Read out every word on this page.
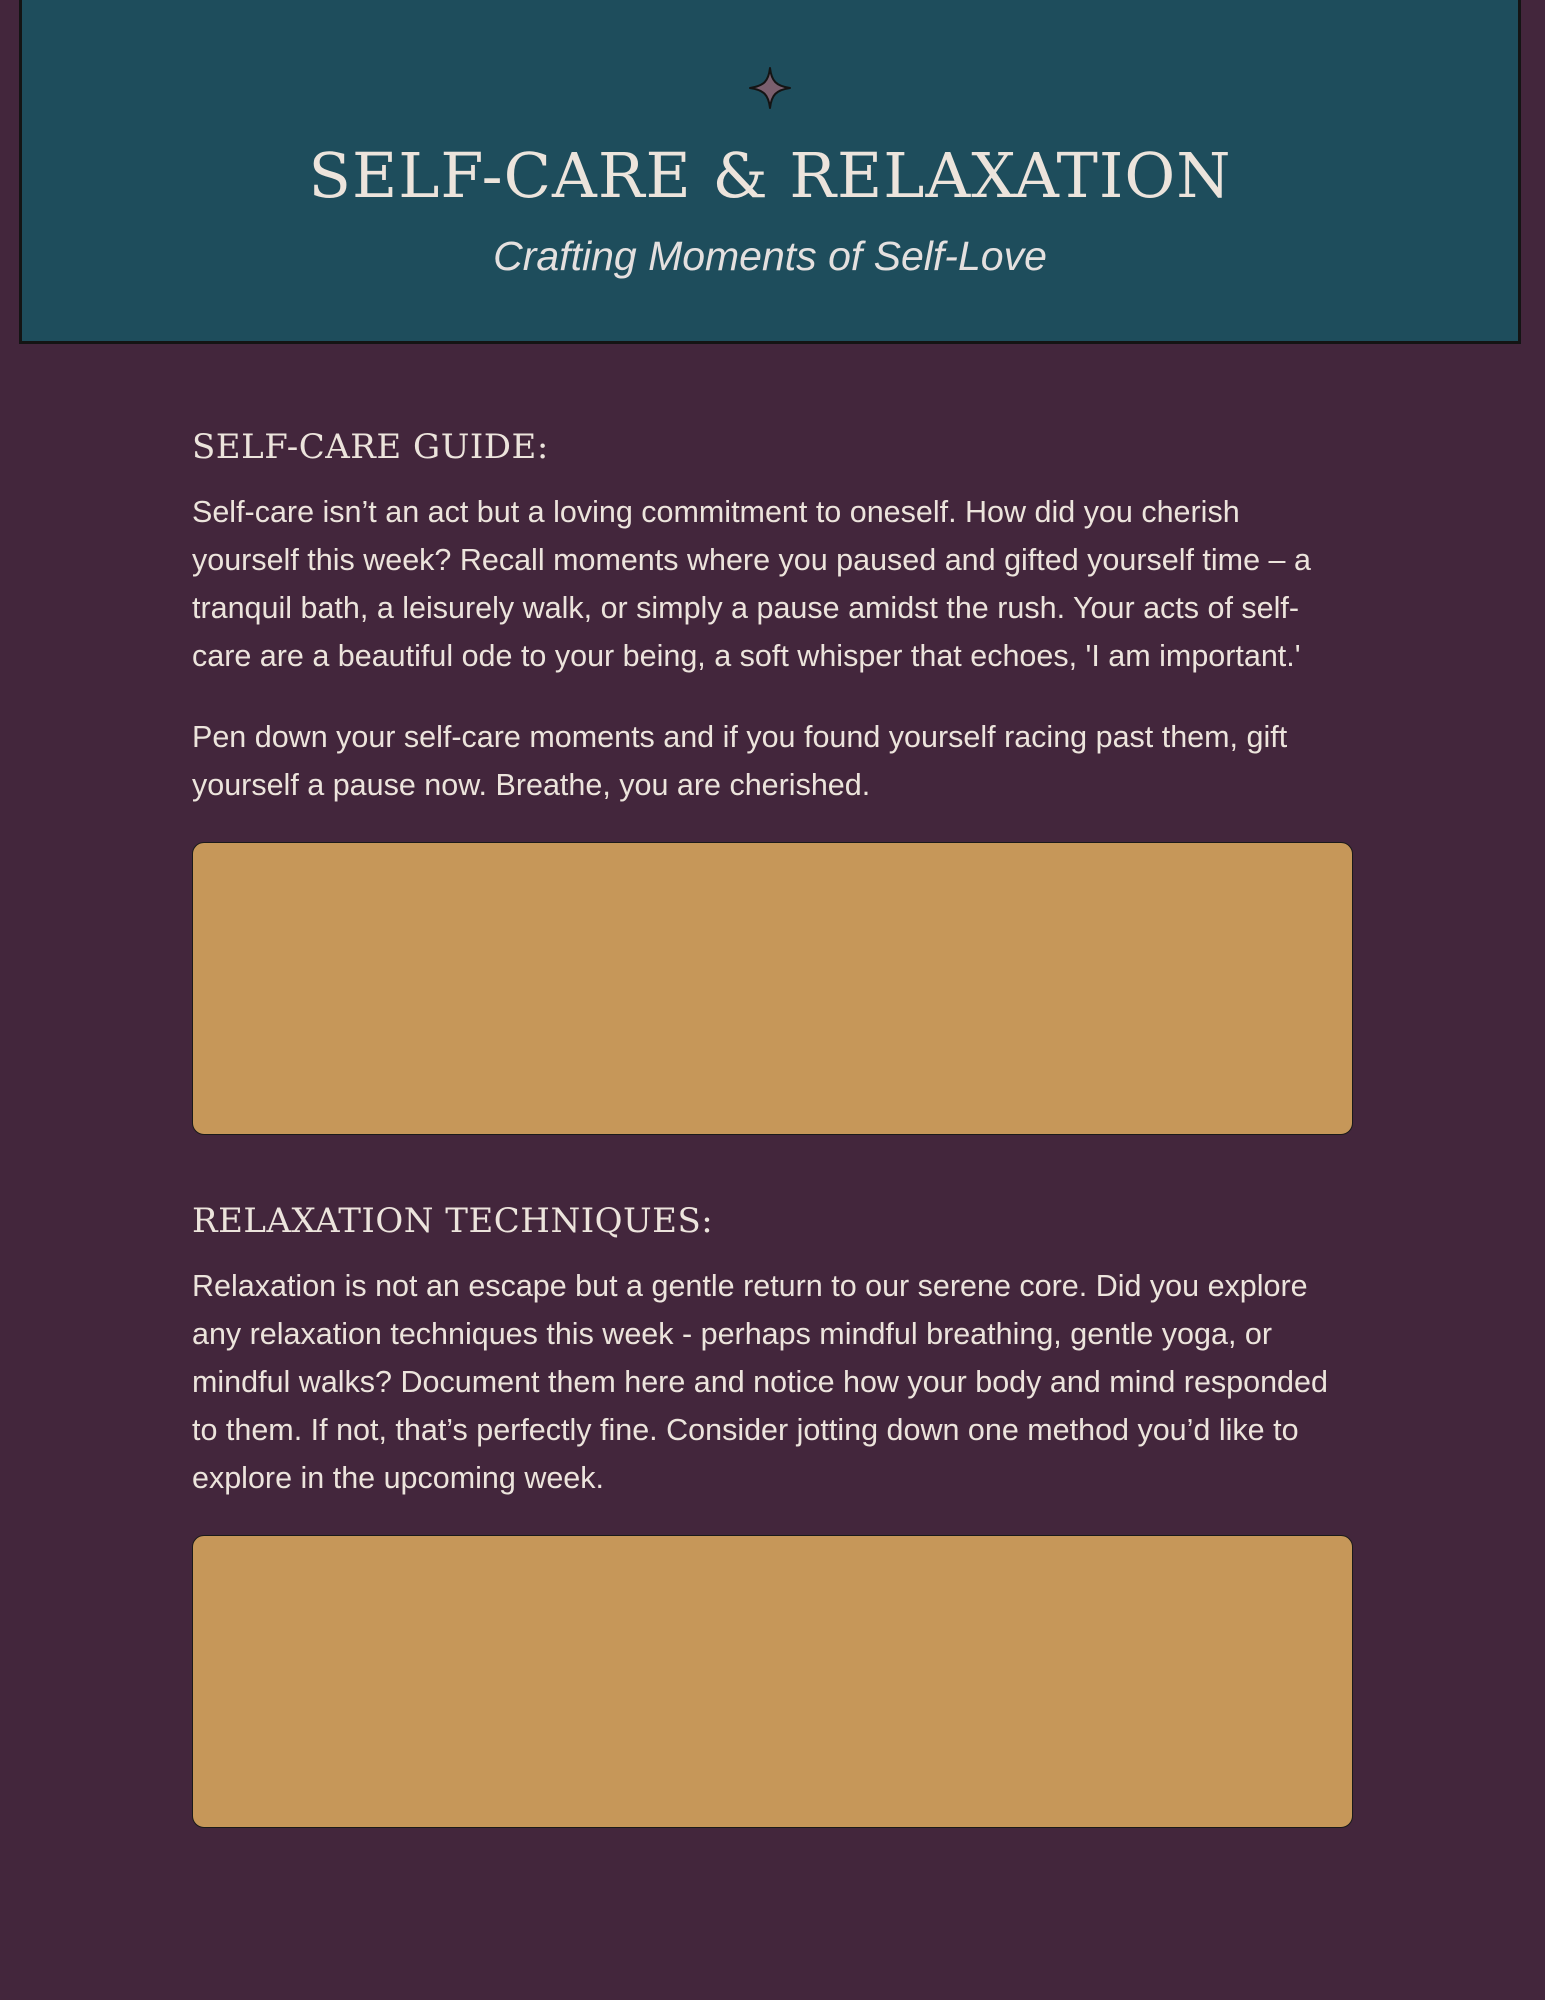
SELF-CARE & RELAXATION

Crafting Moments of Self-Love

SELF-CARE GUIDE:

Self-care isn’t an act but a loving commitment to oneself. How did you cherish yourself this week? Recall moments where you paused and gifted yourself time – a tranquil bath, a leisurely walk, or simply a pause amidst the rush. Your acts of self-care are a beautiful ode to your being, a soft whisper that echoes, 'I am important.'

Pen down your self-care moments and if you found yourself racing past them, gift yourself a pause now. Breathe, you are cherished.

RELAXATION TECHNIQUES:

Relaxation is not an escape but a gentle return to our serene core. Did you explore any relaxation techniques this week - perhaps mindful breathing, gentle yoga, or mindful walks? Document them here and notice how your body and mind responded to them. If not, that’s perfectly fine. Consider jotting down one method you’d like to explore in the upcoming week.
